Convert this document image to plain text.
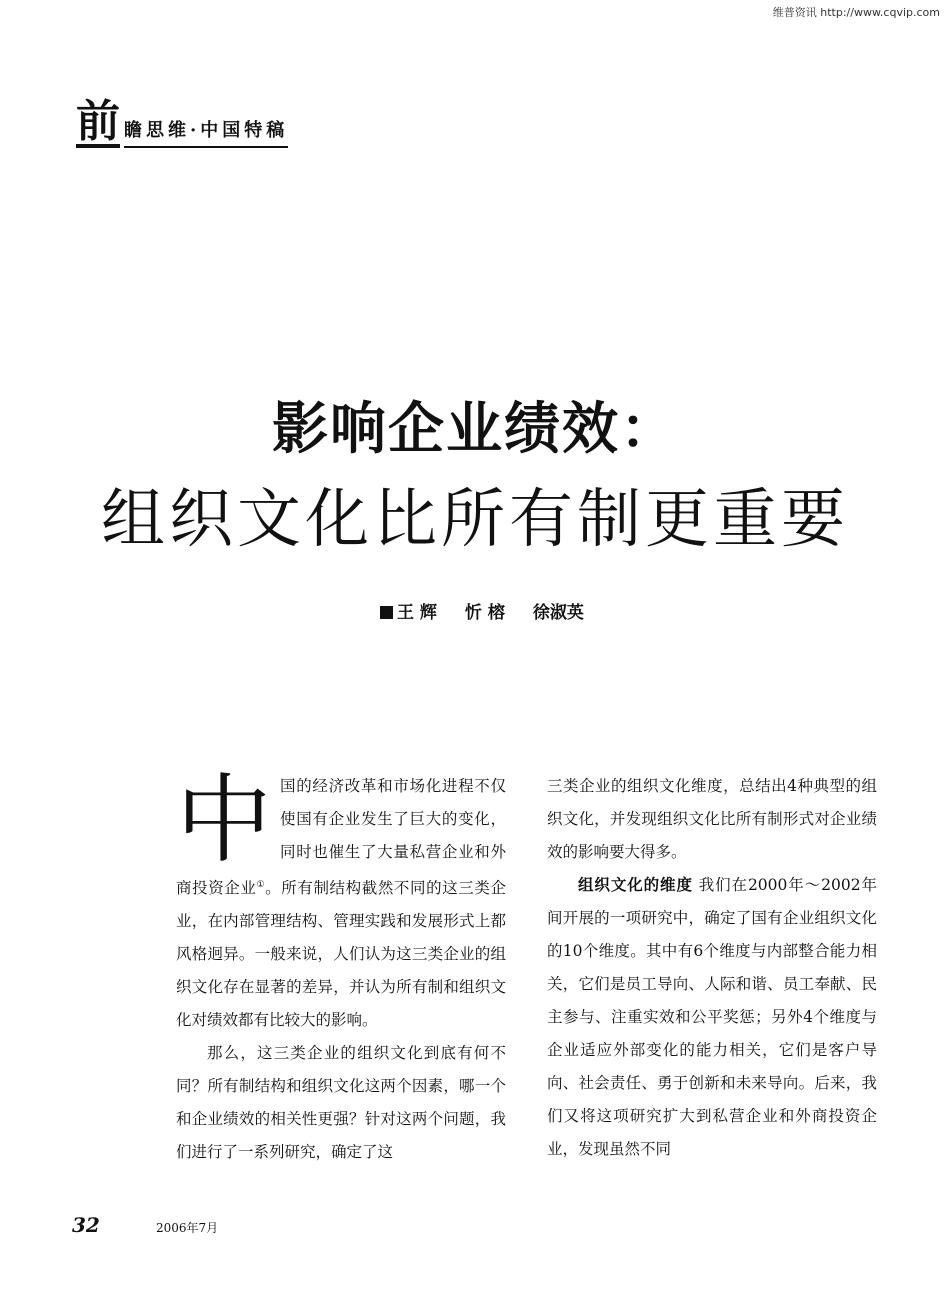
维普资讯 http://www.cqvip.com
前 瞻思维·中国特稿
影响企业绩效：
组织文化比所有制更重要
王 辉 忻 榕 徐淑英

中国的经济改革和市场化进程不仅使国有企业发生了巨大的变化，同时也催生了大量私营企业和外商投资企业①。所有制结构截然不同的这三类企业，在内部管理结构、管理实践和发展形式上都风格迥异。一般来说，人们认为这三类企业的组织文化存在显著的差异，并认为所有制和组织文化对绩效都有比较大的影响。

那么，这三类企业的组织文化到底有何不同？所有制结构和组织文化这两个因素，哪一个和企业绩效的相关性更强？针对这两个问题，我们进行了一系列研究，确定了这

三类企业的组织文化维度，总结出4种典型的组织文化，并发现组织文化比所有制形式对企业绩效的影响要大得多。

组织文化的维度 我们在2000年～2002年间开展的一项研究中，确定了国有企业组织文化的10个维度。其中有6个维度与内部整合能力相关，它们是员工导向、人际和谐、员工奉献、民主参与、注重实效和公平奖惩；另外4个维度与企业适应外部变化的能力相关，它们是客户导向、社会责任、勇于创新和未来导向。后来，我们又将这项研究扩大到私营企业和外商投资企业，发现虽然不同

32	2006年7月
